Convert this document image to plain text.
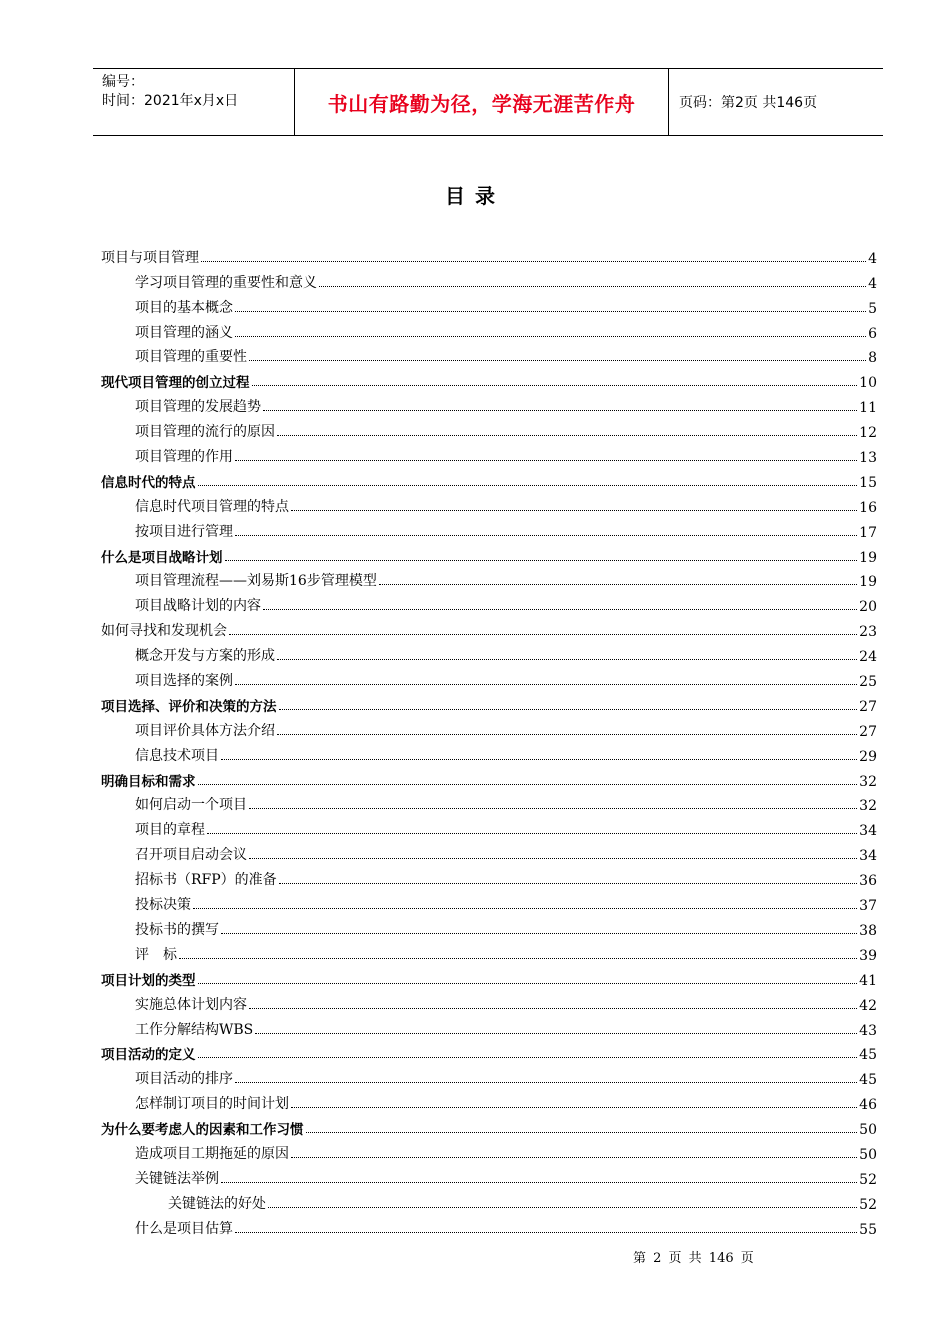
编号：
时间：2021年x月x日	书山有路勤为径，学海无涯苦作舟	页码：第2页 共146页
目录
项目与项目管理	4
学习项目管理的重要性和意义	4
项目的基本概念	5
项目管理的涵义	6
项目管理的重要性	8
现代项目管理的创立过程	10
项目管理的发展趋势	11
项目管理的流行的原因	12
项目管理的作用	13
信息时代的特点	15
信息时代项目管理的特点	16
按项目进行管理	17
什么是项目战略计划	19
项目管理流程——刘易斯16步管理模型	19
项目战略计划的内容	20
如何寻找和发现机会	23
概念开发与方案的形成	24
项目选择的案例	25
项目选择、评价和决策的方法	27
项目评价具体方法介绍	27
信息技术项目	29
明确目标和需求	32
如何启动一个项目	32
项目的章程	34
召开项目启动会议	34
招标书（RFP）的准备	36
投标决策	37
投标书的撰写	38
评　标	39
项目计划的类型	41
实施总体计划内容	42
工作分解结构WBS	43
项目活动的定义	45
项目活动的排序	45
怎样制订项目的时间计划	46
为什么要考虑人的因素和工作习惯	50
造成项目工期拖延的原因	50
关键链法举例	52
关键链法的好处	52
什么是项目估算	55
第 2 页 共 146 页
